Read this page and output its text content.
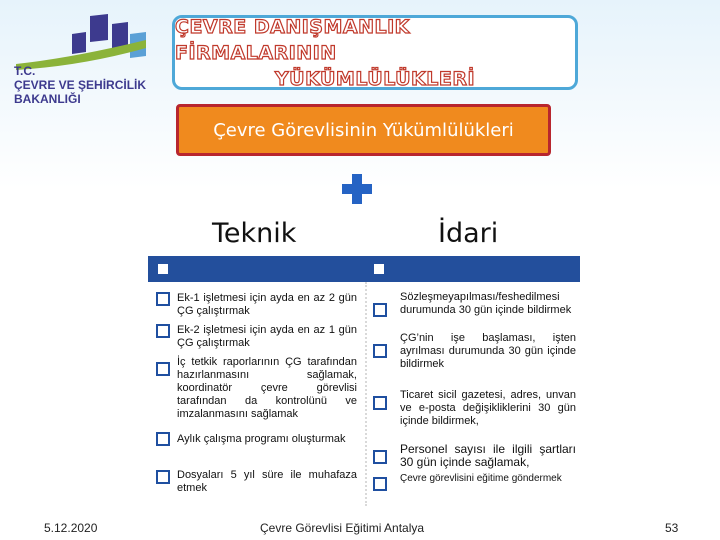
T.C.
ÇEVRE VE ŞEHİRCİLİK
BAKANLIĞI
ÇEVRE DANIŞMANLIK FİRMALARININ
YÜKÜMLÜLÜKLERİ
Çevre Görevlisinin Yükümlülükleri
Teknik	İdari
Ek-1 işletmesi için ayda en az 2 gün ÇG çalıştırmak
Ek-2 işletmesi için ayda en az 1 gün ÇG çalıştırmak
İç tetkik raporlarının ÇG tarafından hazırlanmasını sağlamak, koordinatör çevre görevlisi tarafından da kontrolünü ve imzalanmasını sağlamak
Aylık çalışma programı oluşturmak
Dosyaları 5 yıl süre ile muhafaza etmek
Sözleşmeyapılması/feshedilmesi durumunda 30 gün içinde bildirmek
ÇG’nin işe başlaması, işten ayrılması durumunda 30 gün içinde bildirmek
Ticaret sicil gazetesi, adres, unvan ve e-posta değişikliklerini 30 gün içinde bildirmek,
Personel sayısı ile ilgili şartları 30 gün içinde sağlamak,
Çevre görevlisini eğitime göndermek
5.12.2020	Çevre Görevlisi Eğitimi Antalya	53
